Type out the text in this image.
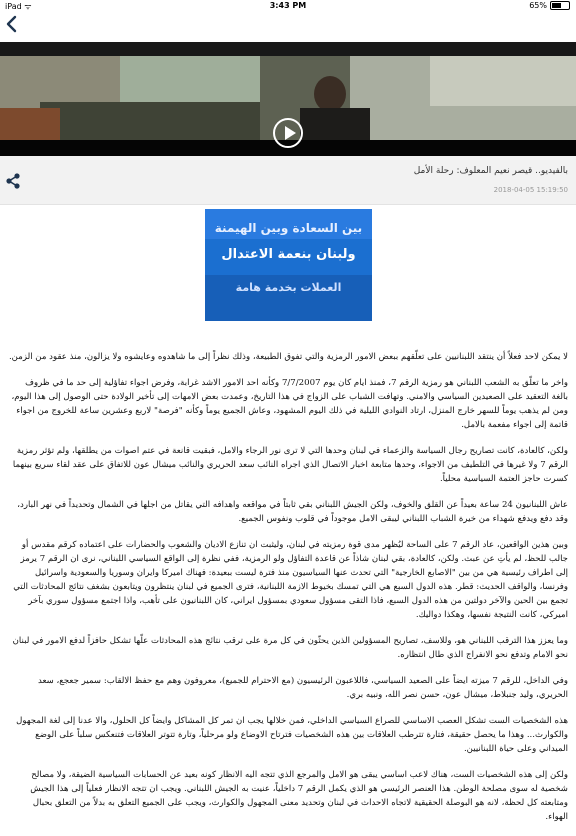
iPad ᯤ	3:43 PM	65%
بالفيديو.. قيصر نعيم المعلوف: رحلة الأمل
2018-04-05 15:19:50
بين السعادة وبين الهيمنة
ولبنان بنعمة الاعتدال
العملات بخدمة هامة

لا يمكن لاحد فعلاً أن ينتقد اللبنانيين على تعلّقهم ببعض الامور الرمزية والتي تفوق الطبيعة، وذلك نظراً إلى ما شاهدوه وعايشوه ولا يزالون، منذ عقود من الزمن.

واخر ما تعلّق به الشعب اللبناني هو رمزية الرقم 7، فمنذ ايام كان يوم 7/7/2007 وكأنه احد الامور الاشد غرابة، وفرض اجواء تفاؤلية إلى حد ما في ظروف بالغة التعقيد على الصعيدين السياسي والامني. وتهافت الشباب على الزواج في هذا التاريخ، وعمدت بعض الامهات إلى تأخير الولادة حتى الوصول إلى هذا اليوم، ومن لم يذهب يوماً للسهر خارج المنزل، ارتاد النوادي الليلية في ذلك اليوم المشهود، وعاش الجميع يوماً وكأنه "فرصة" لاربع وعشرين ساعة للخروج من اجواء قاتمة إلى اجواء مفعمة بالامل.

ولكن، كالعادة، كانت تصاريح رجال السياسة والزعماء في لبنان وحدها التي لا ترى نور الرجاء والامل، فبقيت قانعة في عتم اصوات من يطلقها، ولم تؤثر رمزية الرقم 7 ولا غيرها في التلطيف من الاجواء، وحدها متابعة اخبار الاتصال الذي اجراه النائب سعد الحريري والنائب ميشال عون للاتفاق على عقد لقاء سريع بينهما كسرت حاجز العتمة السياسية محلياً.

عاش اللبنانيون 24 ساعة بعيداً عن القلق والخوف، ولكن الجيش اللبناني بقي ثابتاً في مواقعه واهدافه التي يقاتل من اجلها في الشمال وتحديداً في نهر البارد، وقد دفع ويدفع شهداء من خيرة الشباب اللبناني ليبقى الامل موجوداً في قلوب ونفوس الجميع.

وبين هذين الواقعين، عاد الرقم 7 على الساحة ليُظهر مدى قوة رمزيته في لبنان، وليثبت ان تنازع الاديان والشعوب والحضارات على اعتماده كرقم مقدس أو جالب للحظ، لم يأتِ عن عبث. ولكن، كالعادة، بقي لبنان شاذاً عن قاعدة التفاؤل ولو الرمزية، ففي نظرة إلى الواقع السياسي اللبناني، نرى ان الرقم 7 يرمز إلى اطراف رئيسية هي من بين "الاصابع الخارجية" التي تحدث عنها السياسيون منذ فترة ليست ببعيدة: فهناك اميركا وايران وسوريا والسعودية واسرائيل وفرنسا، والواقف الحديث: قطر. هذه الدول السبع هي التي تمسك بخيوط الازمة اللبنانية، فترى الجميع في لبنان ينتظرون ويتابعون بشغف نتائج المحادثات التي تجمع بين الحين والآخر دولتين من هذه الدول السبع، فاذا التقى مسؤول سعودي بمسؤول ايراني، كان اللبنانيون على تأهب، واذا اجتمع مسؤول سوري بآخر اميركي، كانت النتيجة نفسها، وهكذا دواليك.

وما يعزز هذا الترقب اللبناني هو، وللاسف، تصاريح المسؤولين الذين يحثّون في كل مرة على ترقب نتائج هذه المحادثات علّها تشكل حافزاً لدفع الامور في لبنان نحو الامام وتدفع نحو الانفراج الذي طال انتظاره.

وفي الداخل، للرقم 7 ميزته ايضاً على الصعيد السياسي، فاللاعبون الرئيسيون (مع الاحترام للجميع)، معروفون وهم مع حفظ الالقاب: سمير جعجع، سعد الحريري، وليد جنبلاط، ميشال عون، حسن نصر الله، ونبيه بري.

هذه الشخصيات الست تشكل العصب الاساسي للصراع السياسي الداخلي، فمن خلالها يجب ان تمر كل المشاكل وايضاً كل الحلول، والا عدنا إلى لغة المجهول والكوارث... وهذا ما يحصل حقيقة، فتارة تترطب العلاقات بين هذه الشخصيات فترتاح الاوضاع ولو مرحلياً، وتارة تتوتر العلاقات فتنعكس سلباً على الوضع الميداني وعلى حياة اللبنانيين.

ولكن إلى هذه الشخصيات الست، هناك لاعب اساسي يبقى هو الامل والمرجع الذي تتجه اليه الانظار كونه بعيد عن الحسابات السياسية الضيقة، ولا مصالح شخصية له سوى مصلحة الوطن. هذا العنصر الرئيسي هو الذي يكمل الرقم 7 داخلياً، عنيت به الجيش اللبناني. ويجب ان تتجه الانظار فعلياً إلى هذا الجيش ومتابعته كل لحظة، لانه هو البوصلة الحقيقية لاتجاه الاحداث في لبنان وتحديد معنى المجهول والكوارث، ويجب على الجميع التعلق به بدلاً من التعلق بحبال الهواء.
